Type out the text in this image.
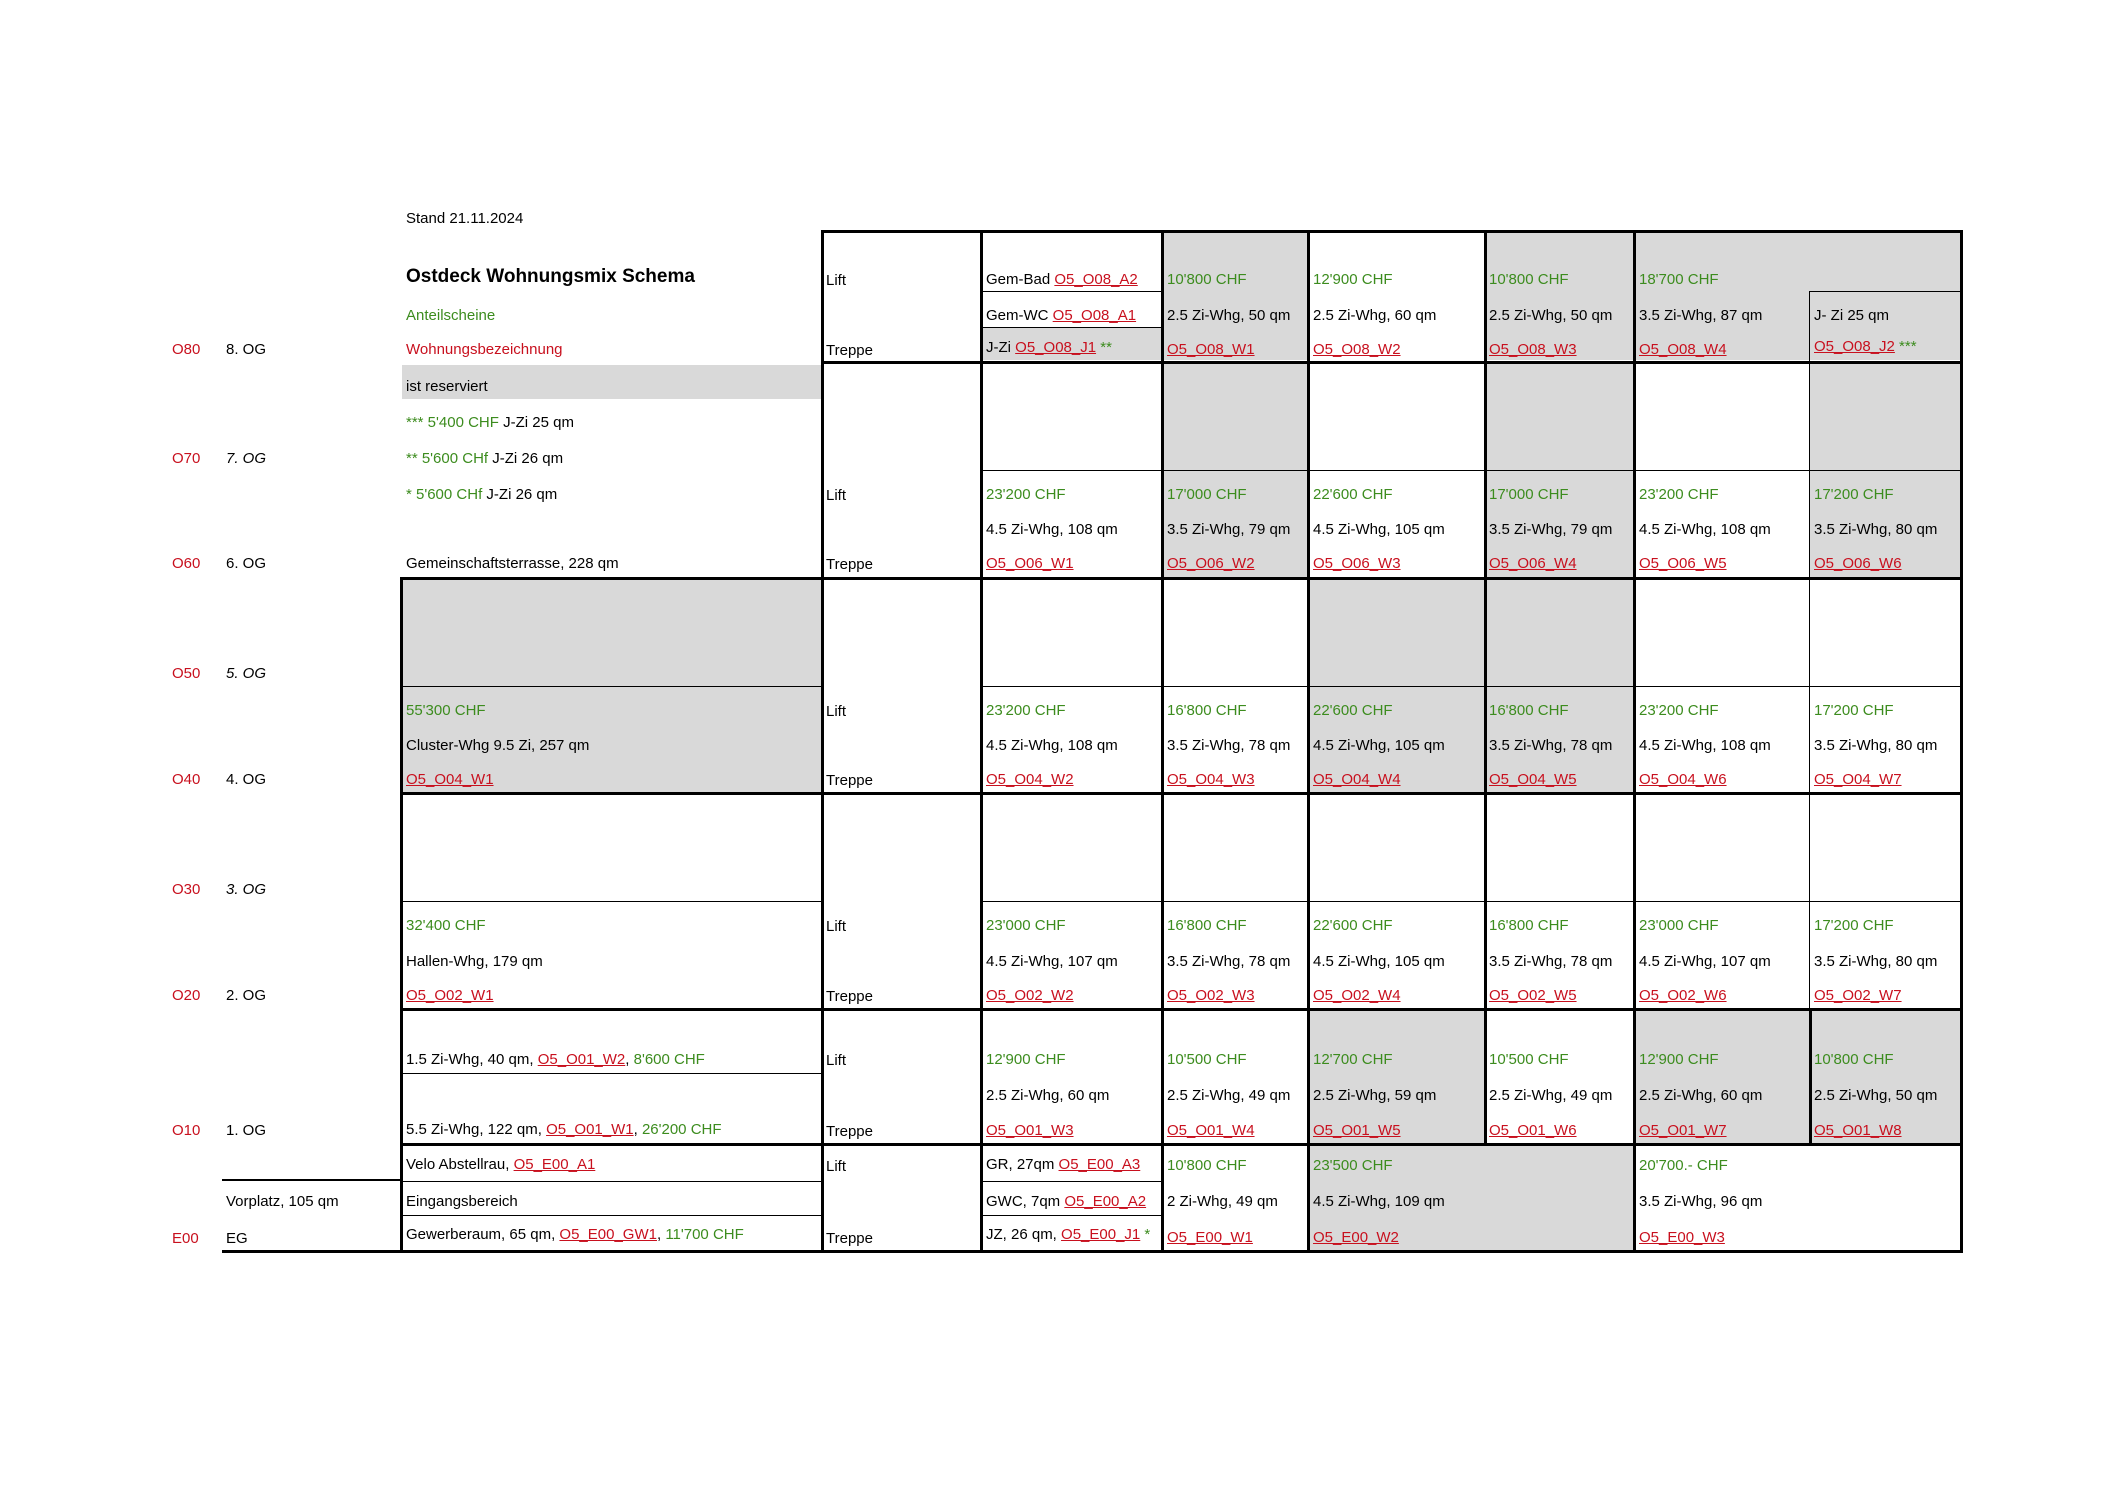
Stand 21.11.2024
Ostdeck Wohnungsmix Schema
Anteilscheine
Wohnungsbezeichnung
ist reserviert
*** 5'400 CHF J-Zi 25 qm
** 5'600 CHf J-Zi 26 qm
* 5'600 CHf J-Zi 26 qm
O80 8. OG
O70 7. OG
O60 6. OG
O50 5. OG
O40 4. OG
O30 3. OG
O20 2. OG
O10 1. OG
E00 EG
Lift
Treppe
Lift
Treppe
Lift
Treppe
Lift
Treppe
Lift
Treppe
Lift
Treppe
Gem-Bad O5_O08_A2
Gem-WC O5_O08_A1
J-Zi O5_O08_J1 **
10'800 CHF
2.5 Zi-Whg, 50 qm
O5_O08_W1
12'900 CHF
2.5 Zi-Whg, 60 qm
O5_O08_W2
10'800 CHF
2.5 Zi-Whg, 50 qm
O5_O08_W3
18'700 CHF
3.5 Zi-Whg, 87 qm
O5_O08_W4
J- Zi 25 qm
O5_O08_J2 ***
Gemeinschaftsterrasse, 228 qm
23'200 CHF
4.5 Zi-Whg, 108 qm
O5_O06_W1
17'000 CHF
3.5 Zi-Whg, 79 qm
O5_O06_W2
22'600 CHF
4.5 Zi-Whg, 105 qm
O5_O06_W3
17'000 CHF
3.5 Zi-Whg, 79 qm
O5_O06_W4
23'200 CHF
4.5 Zi-Whg, 108 qm
O5_O06_W5
17'200 CHF
3.5 Zi-Whg, 80 qm
O5_O06_W6
55'300 CHF
Cluster-Whg 9.5 Zi, 257 qm
O5_O04_W1
23'200 CHF
4.5 Zi-Whg, 108 qm
O5_O04_W2
16'800 CHF
3.5 Zi-Whg, 78 qm
O5_O04_W3
22'600 CHF
4.5 Zi-Whg, 105 qm
O5_O04_W4
16'800 CHF
3.5 Zi-Whg, 78 qm
O5_O04_W5
23'200 CHF
4.5 Zi-Whg, 108 qm
O5_O04_W6
17'200 CHF
3.5 Zi-Whg, 80 qm
O5_O04_W7
32'400 CHF
Hallen-Whg, 179 qm
O5_O02_W1
23'000 CHF
4.5 Zi-Whg, 107 qm
O5_O02_W2
16'800 CHF
3.5 Zi-Whg, 78 qm
O5_O02_W3
22'600 CHF
4.5 Zi-Whg, 105 qm
O5_O02_W4
16'800 CHF
3.5 Zi-Whg, 78 qm
O5_O02_W5
23'000 CHF
4.5 Zi-Whg, 107 qm
O5_O02_W6
17'200 CHF
3.5 Zi-Whg, 80 qm
O5_O02_W7
1.5 Zi-Whg, 40 qm, O5_O01_W2, 8'600 CHF
5.5 Zi-Whg, 122 qm, O5_O01_W1, 26'200 CHF
12'900 CHF
2.5 Zi-Whg, 60 qm
O5_O01_W3
10'500 CHF
2.5 Zi-Whg, 49 qm
O5_O01_W4
12'700 CHF
2.5 Zi-Whg, 59 qm
O5_O01_W5
10'500 CHF
2.5 Zi-Whg, 49 qm
O5_O01_W6
12'900 CHF
2.5 Zi-Whg, 60 qm
O5_O01_W7
10'800 CHF
2.5 Zi-Whg, 50 qm
O5_O01_W8
Velo Abstellrau, O5_E00_A1
Eingangsbereich
Vorplatz, 105 qm
Gewerberaum, 65 qm, O5_E00_GW1, 11'700 CHF
GR, 27qm O5_E00_A3
GWC, 7qm O5_E00_A2
JZ, 26 qm, O5_E00_J1 *
10'800 CHF
2 Zi-Whg, 49 qm
O5_E00_W1
23'500 CHF
4.5 Zi-Whg, 109 qm
O5_E00_W2
20'700.- CHF
3.5 Zi-Whg, 96 qm
O5_E00_W3
